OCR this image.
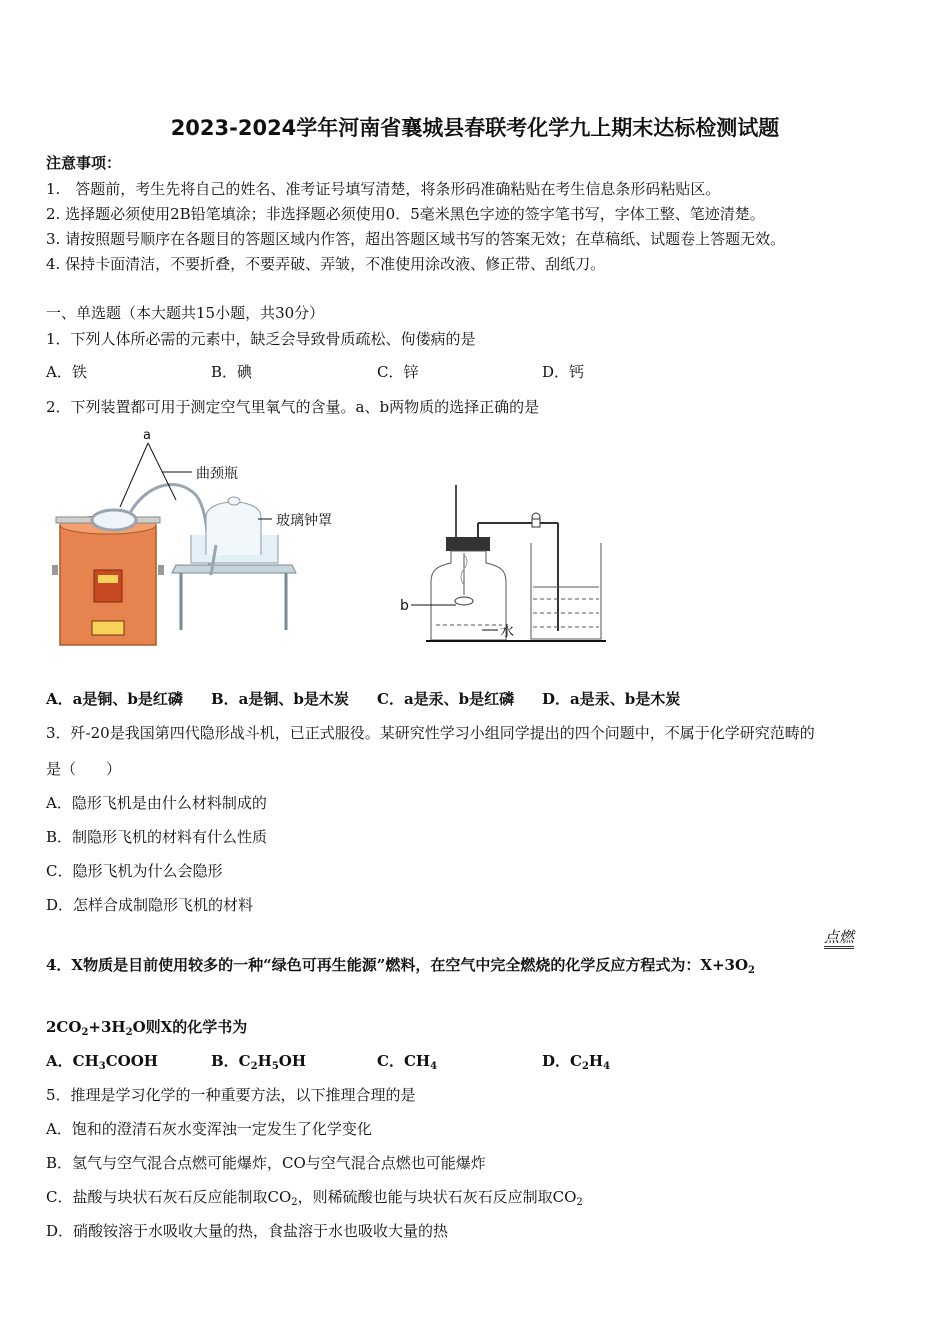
2023-2024学年河南省襄城县春联考化学九上期末达标检测试题
注意事项：
1.　答题前，考生先将自己的姓名、准考证号填写清楚，将条形码准确粘贴在考生信息条形码粘贴区。
2. 选择题必须使用2B铅笔填涂；非选择题必须使用0．5毫米黑色字迹的签字笔书写，字体工整、笔迹清楚。
3. 请按照题号顺序在各题目的答题区域内作答，超出答题区域书写的答案无效；在草稿纸、试题卷上答题无效。
4. 保持卡面清洁，不要折叠，不要弄破、弄皱，不准使用涂改液、修正带、刮纸刀。
一、单选题（本大题共15小题，共30分）
1．下列人体所必需的元素中，缺乏会导致骨质疏松、佝偻病的是
A．铁	B．碘	C．锌	D．钙
2．下列装置都可用于测定空气里氧气的含量。a、b两物质的选择正确的是
a
曲颈瓶
玻璃钟罩
b
水
A．a是铜、b是红磷 B．a是铜、b是木炭 C．a是汞、b是红磷 D．a是汞、b是木炭
3．歼-20是我国第四代隐形战斗机，已正式服役。某研究性学习小组同学提出的四个问题中，不属于化学研究范畴的
是（　　）
A．隐形飞机是由什么材料制成的
B．制隐形飞机的材料有什么性质
C．隐形飞机为什么会隐形
D．怎样合成制隐形飞机的材料
点燃
4．X物质是目前使用较多的一种“绿色可再生能源”燃料，在空气中完全燃烧的化学反应方程式为：$X+3O_2$
$2CO_2+3H_2O$则X的化学书为
A．$CH_3COOH$	B．$C_2H_5OH$	C．$CH_4$	D．$C_2H_4$
5．推理是学习化学的一种重要方法，以下推理合理的是
A．饱和的澄清石灰水变浑浊一定发生了化学变化
B．氢气与空气混合点燃可能爆炸，CO与空气混合点燃也可能爆炸
C．盐酸与块状石灰石反应能制取$CO_2$，则稀硫酸也能与块状石灰石反应制取$CO_2$
D．硝酸铵溶于水吸收大量的热，食盐溶于水也吸收大量的热
